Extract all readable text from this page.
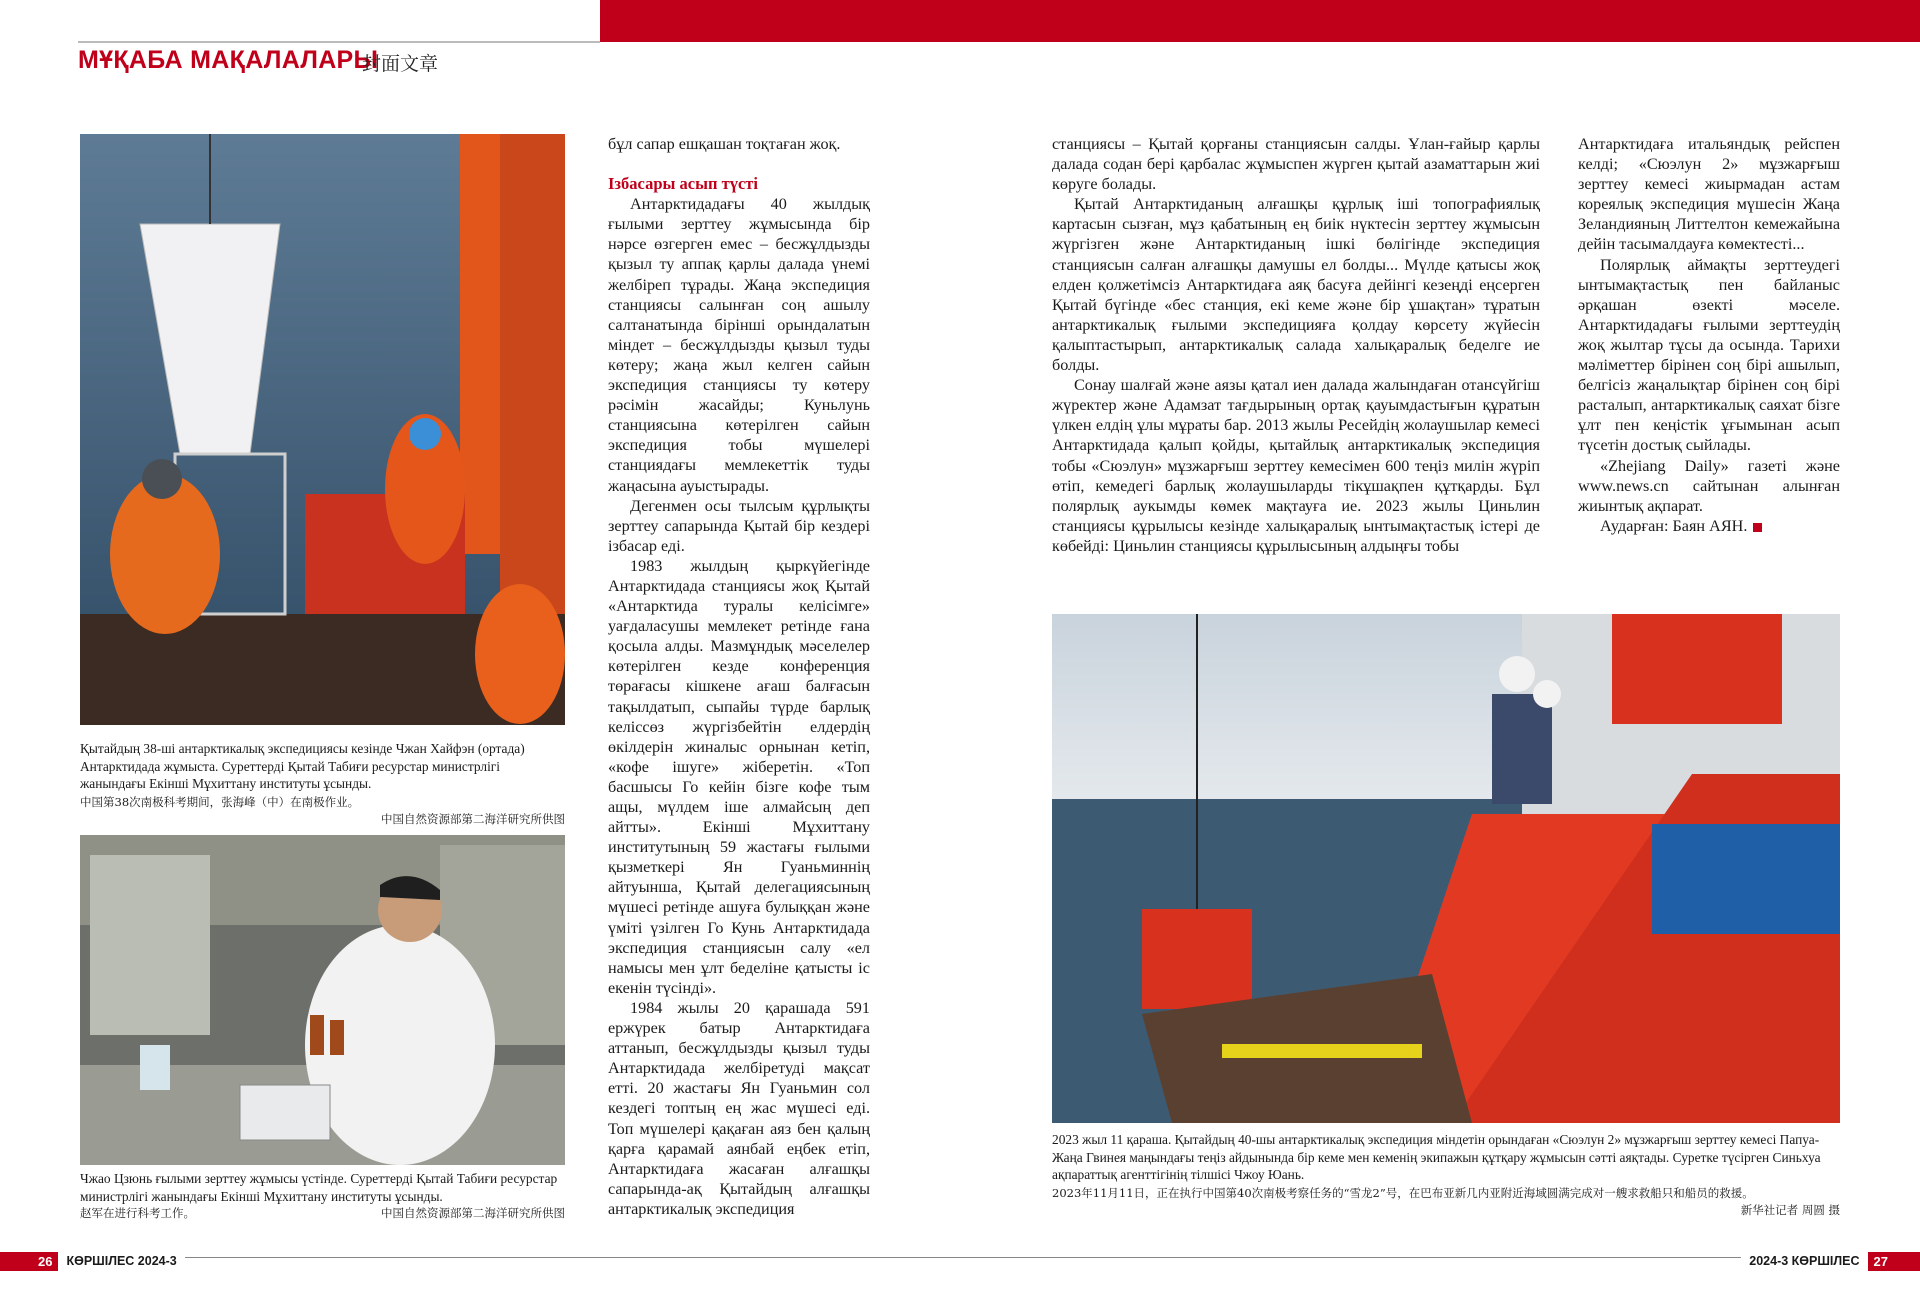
МҰҚАБА МАҚАЛАЛАРЫ
封面文章
Қытайдың 38-ші антарктикалық экспедициясы кезінде Чжан Хайфэн (ортада) Антарктидада жұмыста. Суреттерді Қытай Табиғи ресурстар министрлігі жанындағы Екінші Мұхиттану институты ұсынды.
中国第38次南极科考期间，张海峰（中）在南极作业。
中国自然资源部第二海洋研究所供图
Чжао Цзюнь ғылыми зерттеу жұмысы үстінде. Суреттерді Қытай Табиғи ресурстар министрлігі жанындағы Екінші Мұхиттану институты ұсынды.
赵军在进行科考工作。	中国自然资源部第二海洋研究所供图
2023 жыл 11 қараша. Қытайдың 40-шы антарктикалық экспедиция міндетін орындаған «Сюэлун 2» мұзжарғыш зерттеу кемесі Папуа-Жаңа Гвинея маңындағы теңіз айдынында бір кеме мен кеменің экипажын құтқару жұмысын сәтті аяқтады. Суретке түсірген Синьхуа ақпараттық агенттігінің тілшісі Чжоу Юань.
2023年11月11日，正在执行中国第40次南极考察任务的“雪龙2”号，在巴布亚新几内亚附近海域圆满完成对一艘求救船只和船员的救援。
新华社记者 周圆 摄

бұл сапар ешқашан тоқтаған жоқ.

Ізбасары асып түсті

Антарктидадағы 40 жылдық ғылыми зерттеу жұмысында бір нәрсе өзгерген емес – бесжұлдызды қызыл ту аппақ қарлы далада үнемі желбіреп тұрады. Жаңа экспедиция станциясы салынған соң ашылу салтанатында бірінші орындалатын міндет – бесжұлдызды қызыл туды көтеру; жаңа жыл келген сайын экспедиция станциясы ту көтеру рәсімін жасайды; Куньлунь станциясына көтерілген сайын экспедиция тобы мүшелері станциядағы мемлекеттік туды жаңасына ауыстырады.

Дегенмен осы тылсым құрлықты зерттеу сапарында Қытай бір кездері ізбасар еді.

1983 жылдың қыркүйегінде Антарктидада станциясы жоқ Қытай «Антарктида туралы келісімге» уағдаласушы мемлекет ретінде ғана қосыла алды. Мазмұндық мәселелер көтерілген кезде конференция төрағасы кішкене ағаш балғасын тақылдатып, сыпайы түрде барлық келіссөз жүргізбейтін елдердің өкілдерін жиналыс орнынан кетіп, «кофе ішуге» жіберетін. «Топ басшысы Го кейін бізге кофе тым ащы, мүлдем іше алмайсың деп айтты». Екінші Мұхиттану институтының 59 жастағы ғылыми қызметкері Ян Гуаньминнің айтуынша, Қытай делегациясының мүшесі ретінде ашуға булыққан және үміті үзілген Го Кунь Антарктидада экспедиция станциясын салу «ел намысы мен ұлт беделіне қатысты іс екенін түсінді».

1984 жылы 20 қарашада 591 ержүрек батыр Антарктидаға аттанып, бесжұлдызды қызыл туды Антарктидада желбіретуді мақсат етті. 20 жастағы Ян Гуаньмин сол кездегі топтың ең жас мүшесі еді. Топ мүшелері қақаған аяз бен қалың қарға қарамай аянбай еңбек етіп, Антарктидаға жасаған алғашқы сапарында-ақ Қытайдың алғашқы антарктикалық экспедиция

станциясы – Қытай қорғаны станциясын салды. Ұлан-ғайыр қарлы далада содан бері қарбалас жұмыспен жүрген қытай азаматтарын жиі көруге болады.

Қытай Антарктиданың алғашқы құрлық іші топографиялық картасын сызған, мұз қабатының ең биік нүктесін зерттеу жұмысын жүргізген және Антарктиданың ішкі бөлігінде экспедиция станциясын салған алғашқы дамушы ел болды... Мүлде қатысы жоқ елден қолжетімсіз Антарктидаға аяқ басуға дейінгі кезеңді еңсерген Қытай бүгінде «бес станция, екі кеме және бір ұшақтан» тұратын антарктикалық ғылыми экспедицияға қолдау көрсету жүйесін қалыптастырып, антарктикалық салада халықаралық беделге ие болды.

Сонау шалғай және аязы қатал иен далада жалындаған отансүйгіш жүректер және Адамзат тағдырының ортақ қауымдастығын құратын үлкен елдің ұлы мұраты бар. 2013 жылы Ресейдің жолаушылар кемесі Антарктидада қалып қойды, қытайлық антарктикалық экспедиция тобы «Сюэлун» мұзжарғыш зерттеу кемесімен 600 теңіз милін жүріп өтіп, кемедегі барлық жолаушыларды тікұшақпен құтқарды. Бұл полярлық аукымды көмек мақтауға ие. 2023 жылы Циньлин станциясы құрылысы кезінде халықаралық ынтымақтастық істері де көбейді: Циньлин станциясы құрылысының алдыңғы тобы

Антарктидаға итальяндық рейспен келді; «Сюэлун 2» мұзжарғыш зерттеу кемесі жиырмадан астам кореялық экспедиция мүшесін Жаңа Зеландияның Литтелтон кемежайына дейін тасымалдауға көмектесті...

Полярлық аймақты зерттеудегі ынтымақтастық пен байланыс әрқашан өзекті мәселе. Антарктидадағы ғылыми зерттеудің жоқ жылтар тұсы да осында. Тарихи мәліметтер бірінен соң бірі ашылып, белгісіз жаңалықтар бірінен соң бірі расталып, антарктикалық саяхат бізге ұлт пен кеңістік ұғымынан асып түсетін достық сыйлады.

«Zhejiang Daily» газеті және www.news.cn сайтынан алынған жиынтық ақпарат.

Аударған: Баян АЯН.

26	КӨРШІЛЕС 2024-3	2024-3 КӨРШІЛЕС	27
